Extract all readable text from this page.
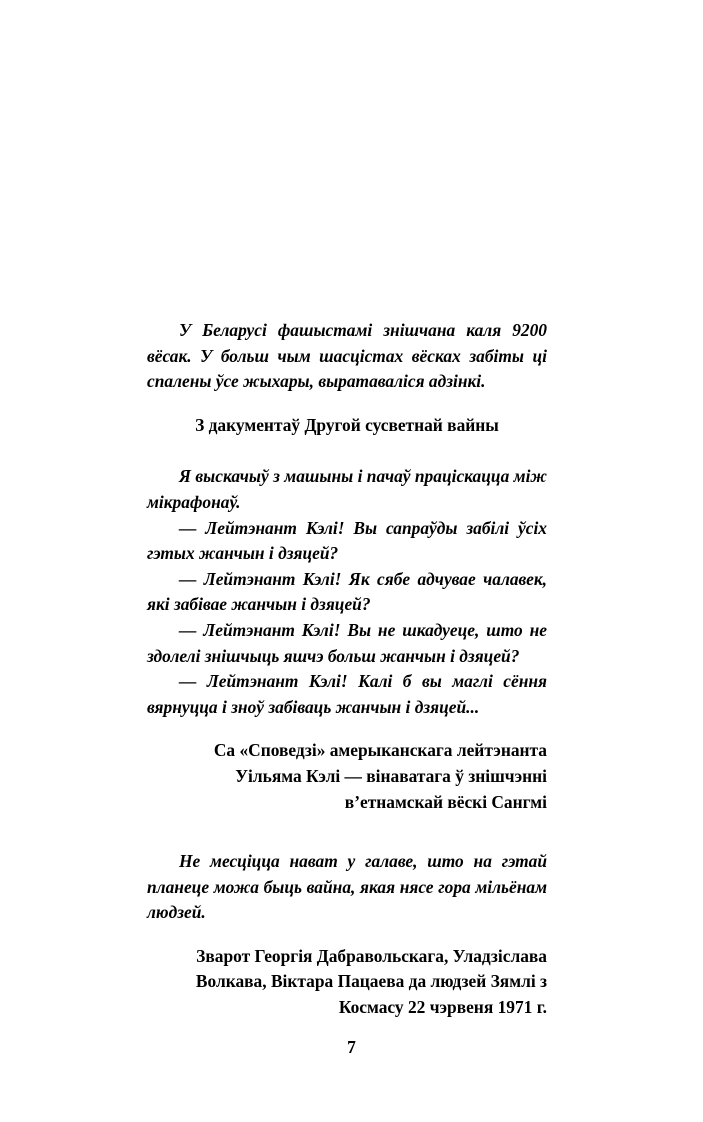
У Беларусі фашыстамі знішчана каля 9200 вёсак. У больш чым шасцістах вёсках забіты ці спалены ўсе жыхары, выратаваліся адзінкі.

З дакументаў Другой сусветнай вайны

Я выскачыў з машыны і пачаў праціскацца між мікрафонаў.

— Лейтэнант Кэлі! Вы сапраўды забілі ўсіх гэтых жанчын і дзяцей?

— Лейтэнант Кэлі! Як сябе адчувае чалавек, які забівае жанчын і дзяцей?

— Лейтэнант Кэлі! Вы не шкадуеце, што не здолелі знішчыць яшчэ больш жанчын і дзяцей?

— Лейтэнант Кэлі! Калі б вы маглі сёння вярнуцца і зноў забіваць жанчын і дзяцей...

Са «Споведзі» амерыканскага лейтэнанта Уільяма Кэлі — вінаватага ў знішчэнні в’етнамскай вёскі Сангмі

Не месціцца нават у галаве, што на гэтай планеце можа быць вайна, якая нясе гора мільёнам людзей.

Зварот Георгія Дабравольскага, Уладзіслава Волкава, Віктара Пацаева да людзей Зямлі з Космасу 22 чэрвеня 1971 г.

7
